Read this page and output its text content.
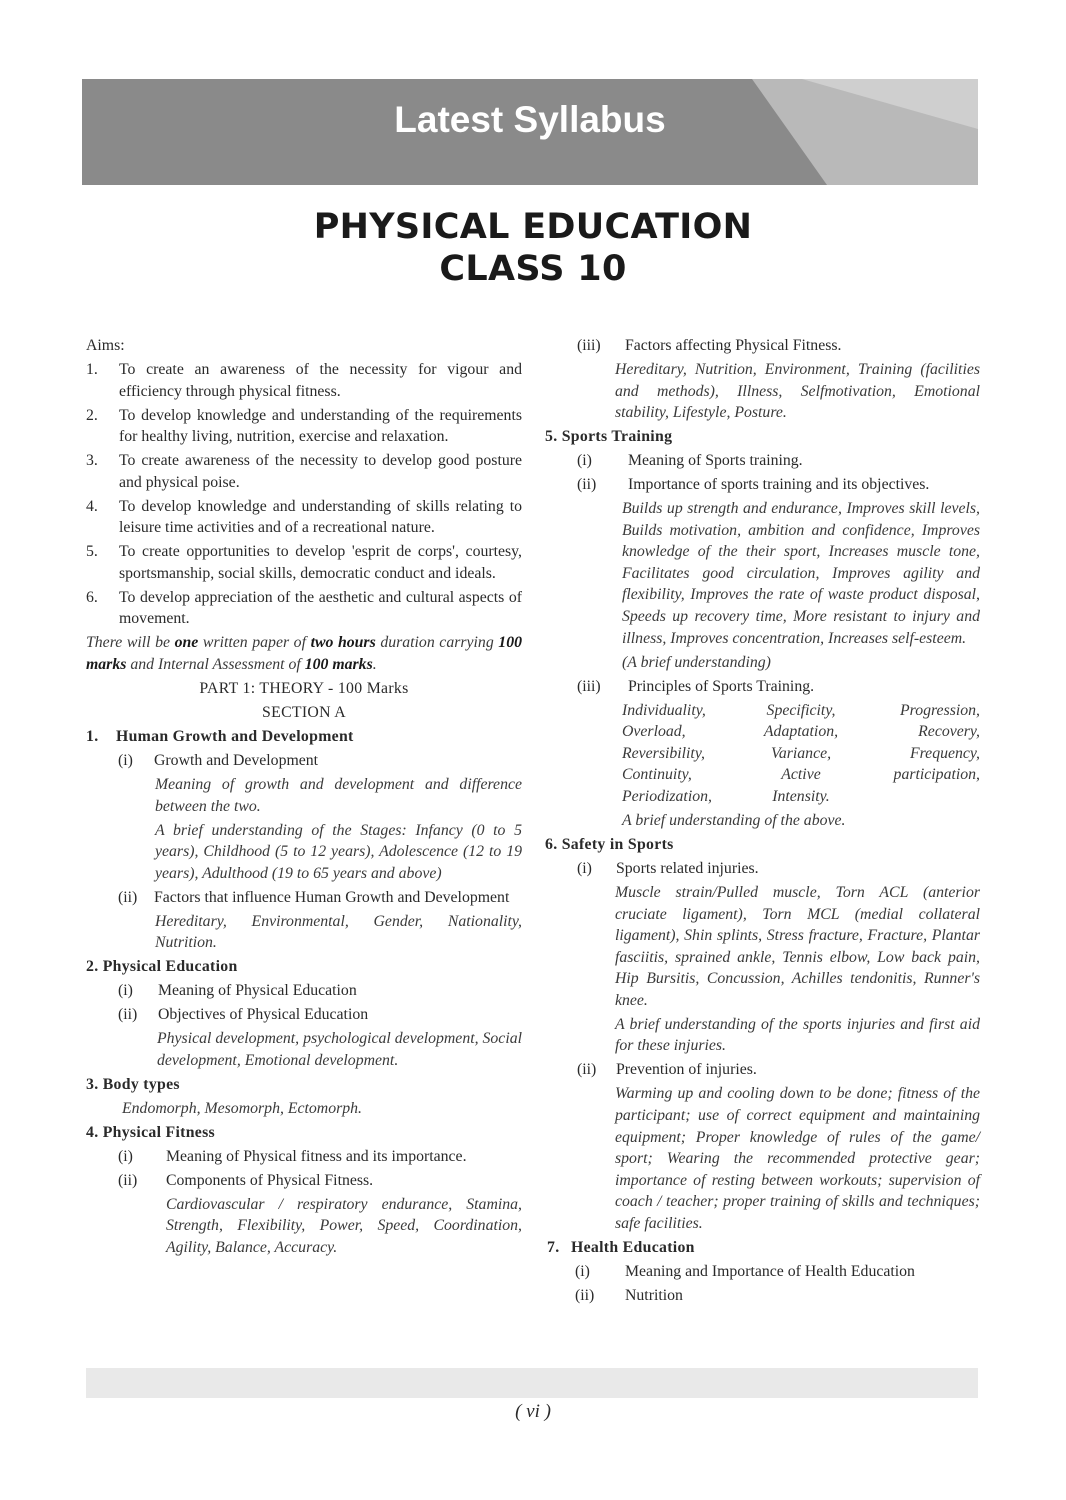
Latest Syllabus
PHYSICAL EDUCATION
CLASS 10
Aims:
1.	To create an awareness of the necessity for vigour and efficiency through physical fitness.
2.	To develop knowledge and understanding of the requirements for healthy living, nutrition, exercise and relaxation.
3.	To create awareness of the necessity to develop good posture and physical poise.
4.	To develop knowledge and understanding of skills relating to leisure time activities and of a recreational nature.
5.	To create opportunities to develop 'esprit de corps', courtesy, sportsmanship, social skills, democratic conduct and ideals.
6.	To develop appreciation of the aesthetic and cultural aspects of movement.
There will be one written paper of two hours duration carrying 100 marks and Internal Assessment of 100 marks.
PART 1: THEORY - 100 Marks
SECTION A
1.	Human Growth and Development
(i)	Growth and Development
Meaning of growth and development and difference between the two.
A brief understanding of the Stages: Infancy (0 to 5 years), Childhood (5 to 12 years), Adolescence (12 to 19 years), Adulthood (19 to 65 years and above)
(ii)	Factors that influence Human Growth and Development
Hereditary, Environmental, Gender, Nationality, Nutrition.
2. Physical Education
(i)	Meaning of Physical Education
(ii)	Objectives of Physical Education
Physical development, psychological development, Social development, Emotional development.
3. Body types
Endomorph, Mesomorph, Ectomorph.
4. Physical Fitness
(i)	Meaning of Physical fitness and its importance.
(ii)	Components of Physical Fitness.
Cardiovascular / respiratory endurance, Stamina, Strength, Flexibility, Power, Speed, Coordination, Agility, Balance, Accuracy.
(iii)	Factors affecting Physical Fitness.
Hereditary, Nutrition, Environment, Training (facilities and methods), Illness, Selfmotivation, Emotional stability, Lifestyle, Posture.
5. Sports Training
(i)	Meaning of Sports training.
(ii)	Importance of sports training and its objectives.
Builds up strength and endurance, Improves skill levels, Builds motivation, ambition and confidence, Improves knowledge of the their sport, Increases muscle tone, Facilitates good circulation, Improves agility and flexibility, Improves the rate of waste product disposal, Speeds up recovery time, More resistant to injury and illness, Improves concentration, Increases self-esteem.
(A brief understanding)
(iii)	Principles of Sports Training.
Individuality,	Specificity,	Progression,
Overload,	Adaptation,	Recovery,
Reversibility,	Variance,	Frequency,
Continuity,	Active	participation,
Periodization,	Intensity.
A brief understanding of the above.
6. Safety in Sports
(i)	Sports related injuries.
Muscle strain/Pulled muscle, Torn ACL (anterior cruciate ligament), Torn MCL (medial collateral ligament), Shin splints, Stress fracture, Fracture, Plantar fasciitis, sprained ankle, Tennis elbow, Low back pain, Hip Bursitis, Concussion, Achilles tendonitis, Runner's knee.
A brief understanding of the sports injuries and first aid for these injuries.
(ii)	Prevention of injuries.
Warming up and cooling down to be done; fitness of the participant; use of correct equipment and maintaining equipment; Proper knowledge of rules of the game/ sport; Wearing the recommended protective gear; importance of resting between workouts; supervision of coach / teacher; proper training of skills and techniques; safe facilities.
7. Health Education
(i)	Meaning and Importance of Health Education
(ii)	Nutrition
( vi )
